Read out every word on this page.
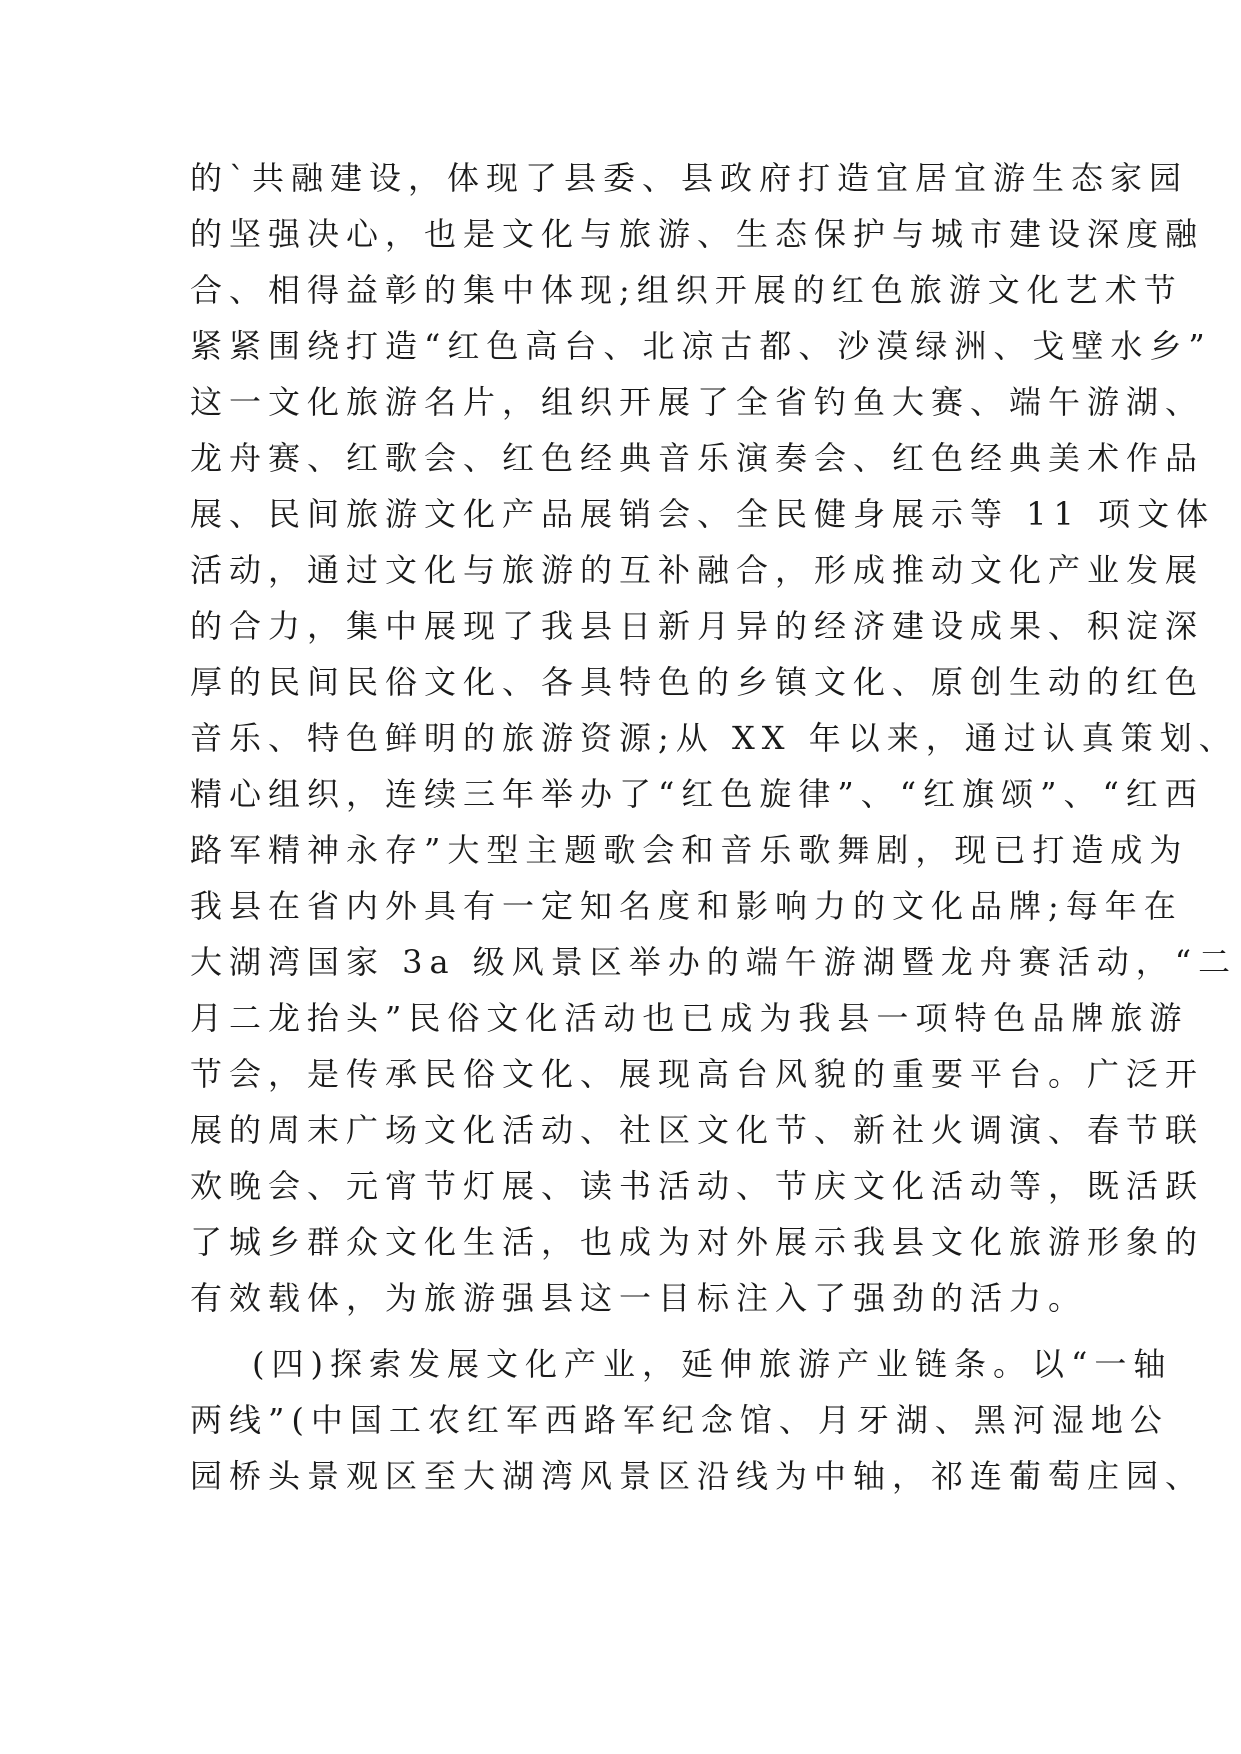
的`共融建设，体现了县委、县政府打造宜居宜游生态家园
的坚强决心，也是文化与旅游、生态保护与城市建设深度融
合、相得益彰的集中体现;组织开展的红色旅游文化艺术节
紧紧围绕打造“红色高台、北凉古都、沙漠绿洲、戈壁水乡”
这一文化旅游名片，组织开展了全省钓鱼大赛、端午游湖、
龙舟赛、红歌会、红色经典音乐演奏会、红色经典美术作品
展、民间旅游文化产品展销会、全民健身展示等 11 项文体
活动，通过文化与旅游的互补融合，形成推动文化产业发展
的合力，集中展现了我县日新月异的经济建设成果、积淀深
厚的民间民俗文化、各具特色的乡镇文化、原创生动的红色
音乐、特色鲜明的旅游资源;从 XX 年以来，通过认真策划、
精心组织，连续三年举办了“红色旋律”、“红旗颂”、“红西
路军精神永存”大型主题歌会和音乐歌舞剧，现已打造成为
我县在省内外具有一定知名度和影响力的文化品牌;每年在
大湖湾国家 3a 级风景区举办的端午游湖暨龙舟赛活动，“二
月二龙抬头”民俗文化活动也已成为我县一项特色品牌旅游
节会，是传承民俗文化、展现高台风貌的重要平台。广泛开
展的周末广场文化活动、社区文化节、新社火调演、春节联
欢晚会、元宵节灯展、读书活动、节庆文化活动等，既活跃
了城乡群众文化生活，也成为对外展示我县文化旅游形象的
有效载体，为旅游强县这一目标注入了强劲的活力。
(四)探索发展文化产业，延伸旅游产业链条。以“一轴
两线”(中国工农红军西路军纪念馆、月牙湖、黑河湿地公
园桥头景观区至大湖湾风景区沿线为中轴，祁连葡萄庄园、
